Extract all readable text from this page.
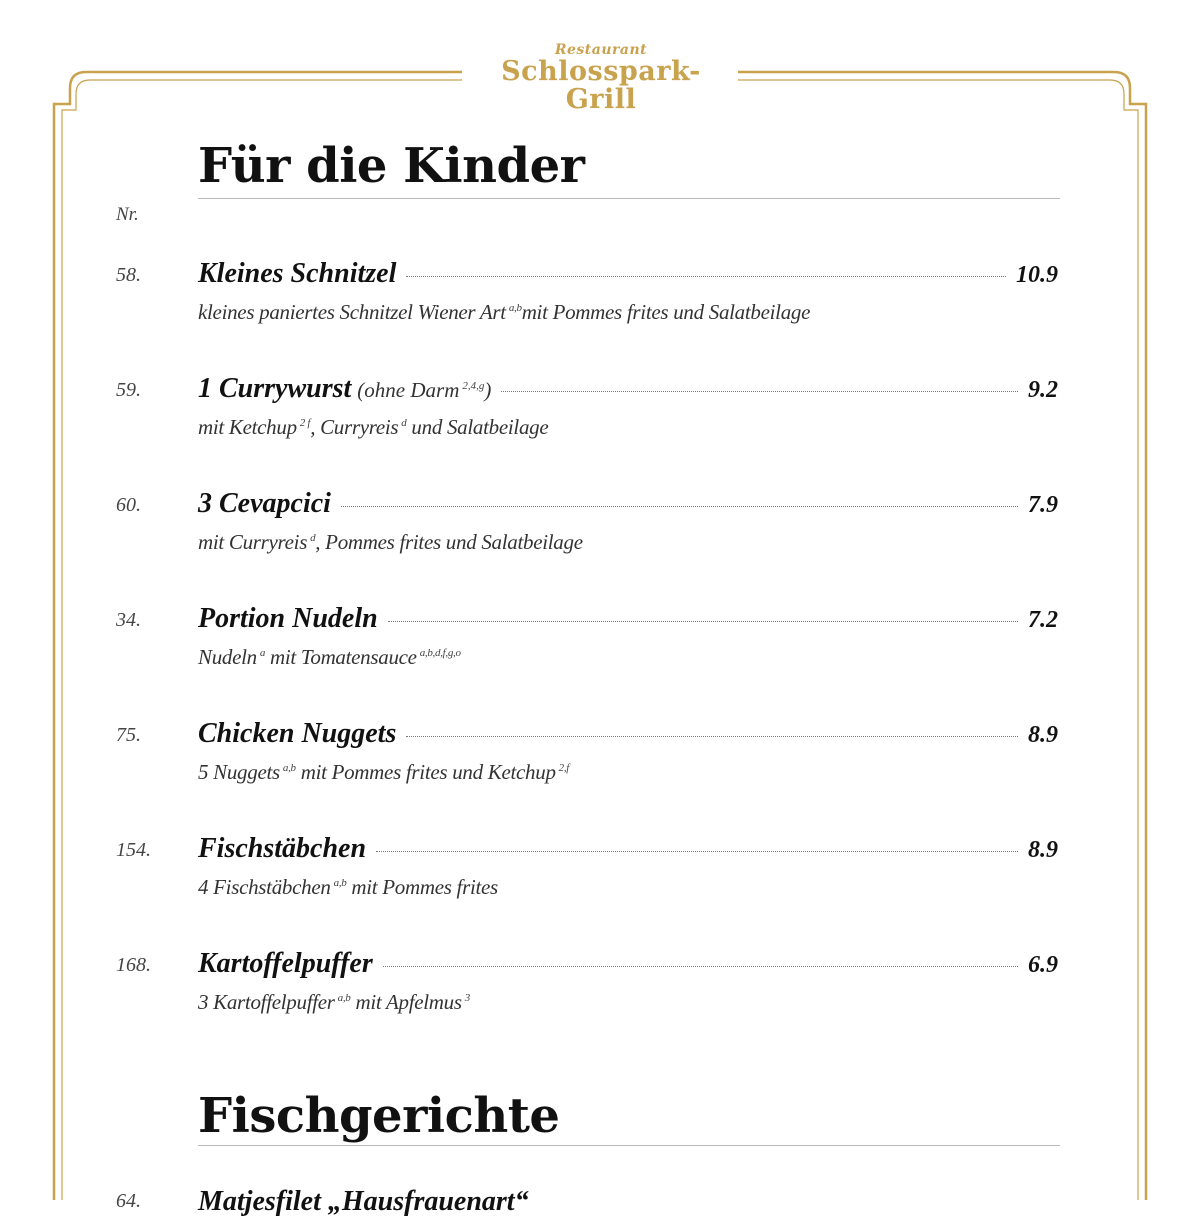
Restaurant
Schlosspark-Grill
Für die Kinder
Nr.
58. Kleines Schnitzel	10.9
kleines paniertes Schnitzel Wiener Art $^{a,b}$mit Pommes frites und Salatbeilage
59. 1 Currywurst (ohne Darm $^{2,4,g}$)	9.2
mit Ketchup $^{2 f}$, Curryreis $^d$ und Salatbeilage
60. 3 Cevapcici	7.9
mit Curryreis $^d$, Pommes frites und Salatbeilage
34. Portion Nudeln	7.2
Nudeln $^a$ mit Tomatensauce $^{a,b,d,f,g,o}$
75. Chicken Nuggets	8.9
5 Nuggets $^{a,b}$ mit Pommes frites und Ketchup $^{2,f}$
154. Fischstäbchen	8.9
4 Fischstäbchen $^{a,b}$ mit Pommes frites
168. Kartoffelpuffer	6.9
3 Kartoffelpuffer $^{a,b}$ mit Apfelmus $^3$
Fischgerichte
64. Matjesfilet „Hausfrauenart“
